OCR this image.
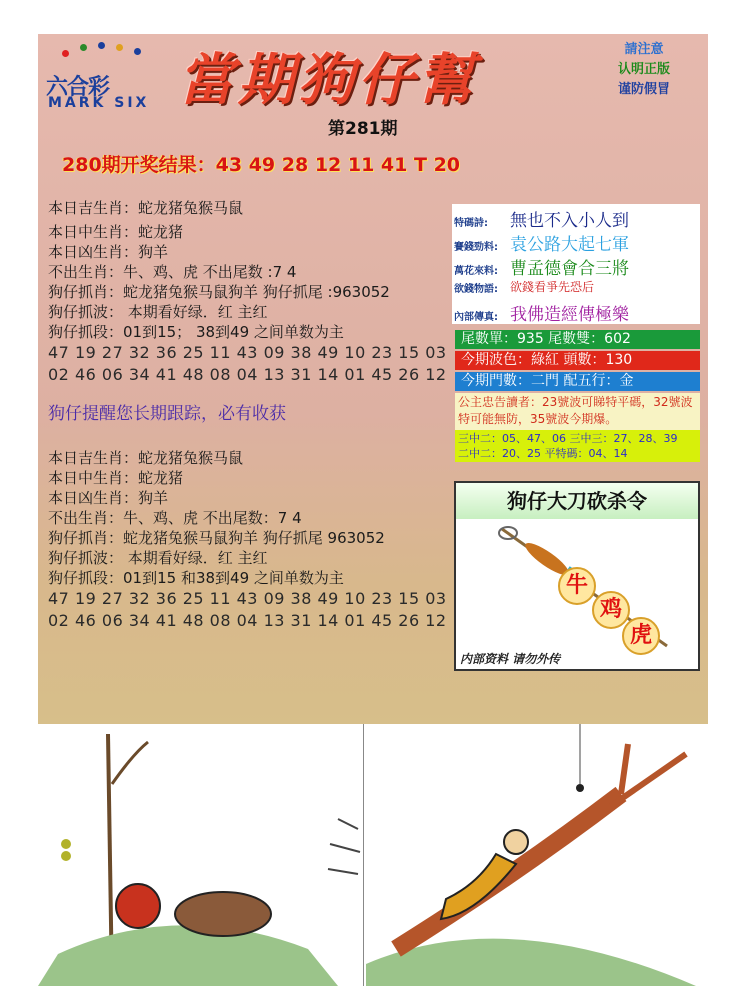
六合彩
MARK SIX 當期狗仔幫	請注意
认明正版
谨防假冒
第281期
280期开奖结果：43 49 28 12 11 41 T 20
本日吉生肖：蛇龙猪兔猴马鼠
本日中生肖：蛇龙猪
本日凶生肖：狗羊
不出生肖：牛、鸡、虎 不出尾数 :7 4
狗仔抓肖：蛇龙猪兔猴马鼠狗羊 狗仔抓尾 :963052
狗仔抓波： 本期看好绿．红 主红
狗仔抓段：01到15； 38到49 之间单数为主
47 19 27 32 36 25 11 43 09 38 49 10 23 15 03
02 46 06 34 41 48 08 04 13 31 14 01 45 26 12
狗仔提醒您长期跟踪，必有收获
本日吉生肖：蛇龙猪兔猴马鼠
本日中生肖：蛇龙猪
本日凶生肖：狗羊
不出生肖：牛、鸡、虎 不出尾数：7 4
狗仔抓肖：蛇龙猪兔猴马鼠狗羊 狗仔抓尾 963052
狗仔抓波： 本期看好绿．红 主红
狗仔抓段：01到15 和38到49 之间单数为主
47 19 27 32 36 25 11 43 09 38 49 10 23 15 03
02 46 06 34 41 48 08 04 13 31 14 01 45 26 12
特碼詩: 無也不入小人到
賽錢勁料: 袁公路大起七軍
萬花來料: 曹孟德會合三將
欲錢物語: 欲錢看爭先恐后
內部傳真: 我佛造經傳極樂
尾數單：935 尾數雙：602
今期波色：綠紅 頭數：130
今期門數：二門 配五行：金
公主忠告讀者：23號波可睇特平碼，32號波特可能無防，35號波今期爆。
三中二：05、47、06 三中三：27、28、39
二中二：20、25 平特碼：04、14
狗仔大刀砍杀令
牛
鸡
虎
内部资料 请勿外传
